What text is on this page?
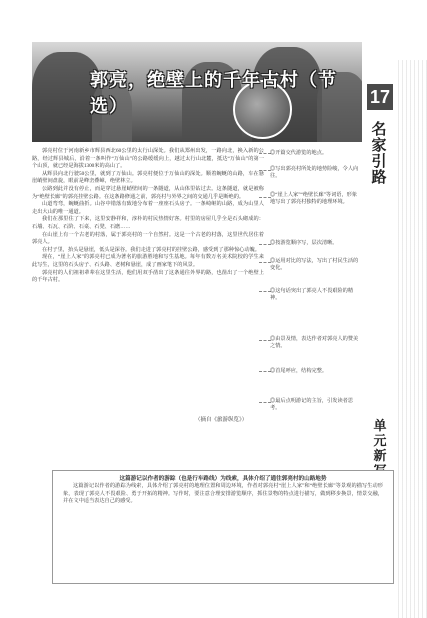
郭亮，绝壁上的千年古村（节选）	17
名
家
引
路
单
元
新

郭亮村位于河南新乡市辉县西北60公里的太行山深处。我们从郑州出发，一路向北，换入新的公路，经过辉县城后，沿着一条叫作“万仙山”的公路缓缓向上，越过太行山北麓，抵达“万仙山”的第一个山顶，就已经是海拔1300米的高山了。

从辉县向北行驶50公里，就到了万仙山。郭亮村便位于万仙山的深处。顺着蜿蜒的山路，车在悬崖峭壁间盘旋，眼前是峰峦叠嶂，绝壁林立。

公路到此并没有停止，而是穿过悬崖峭壁间的一条隧道，从山体里钻过去。这条隧道，就是被称为“绝壁长廊”的郭亮挂壁公路。在这条路修通之前，郭亮村与外界之间的交通几乎是断绝的。

山道弯弯，蜿蜒曲折。山谷中错落有致地分布着一座座石头房子。一条崎岖的山路，成为山里人走出大山的唯一通道。

我们在那里住了下来，这里安静祥和，淳朴的村民热情好客。村里的房屋几乎全是石头砌成的：石墙、石瓦、石阶、石桌、石凳、石磨……

在山崖上有一个古老的村落，属于郭亮村的一个自然村。这是一个古老的村落，这里世代居住着郭亮人。

在村子里，抬头是悬崖，低头是深谷。我们走进了郭亮村的挂壁公路，感受到了那种惊心动魄。

现在，“崖上人家”的郭亮村已成为著名的旅游胜地和写生基地。每年有数万名美术院校的学生来此写生，这里的石头房子、石头路、老树和悬崖，成了画家笔下的风景。

郭亮村的人们祖祖辈辈在这里生活，他们用双手凿出了这条通往外界的路，也凿出了一个绝壁上的千年古村。

（摘自《旅游纵览》）
◎开篇交代游览的地点。
◎写出郭亮村所处的地势险峻，令人向往。
◎“崖上人家”“绝壁长廊”等词语，形象地写出了郭亮村独特的地理环境。
◎按游览顺序写，层次清晰。
◎运用对比的写法，写出了村民生活的变化。
◎这句话突出了郭亮人不畏艰险的精神。
◎由景及情，表达作者对郭亮人的赞美之情。
◎首尾呼应，结构完整。
◎最后点明游记的主旨，引发读者思考。
这篇游记以作者的游踪（也是行车路线）为线索，具体介绍了通往郭亮村的山路地势
这篇游记以作者的游踪为线索，具体介绍了郭亮村的地理位置和周边环境，作者对郭亮村“崖上人家”和“绝壁长廊”等景观的描写生动形象，表现了郭亮人不畏艰险、勇于开拓的精神。写作时，要注意合理安排游览顺序，抓住景物的特点进行描写，做到移步换景，情景交融，并在文中适当表达自己的感受。
